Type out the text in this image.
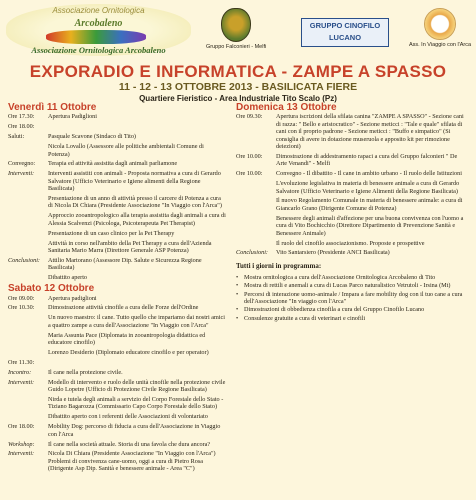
Associazione Ornitologica
Arcobaleno
Associazione Ornitologica Arcobaleno	Gruppo Falconieri - Melfi
GRUPPO CINOFILO
LUCANO
Ass. In Viaggio con l'Arca
EXPORADIO E INFORMATICA - ZAMPE A SPASSO
11 - 12 - 13 OTTOBRE 2013 - BASILICATA FIERE
Quartiere Fieristico - Area Industriale Tito Scalo (Pz)
Venerdì 11 Ottobre
Ore 17.30:	Apertura Padiglioni
Ore 18.00:
Saluti:	Pasquale Scavone (Sindaco di Tito)
Nicola Lovallo (Assessore alle politiche ambientali Comune di Potenza)
Convegno:	Terapia ed attività assistita dagli animali parliamone
Interventi:	Interventi assistiti con animali - Proposta normativa a cura di Gerardo Salvatore (Ufficio Veterinario e Igiene alimenti della Regione Basilicata)
Presentazione di un anno di attività presso il carcere di Potenza a cura di Nicola Di Chiara (Presidente Associazione "In Viaggio con l'Arca")
Approccio zooantropologico alla terapia assistita dagli animali a cura di Alessia Scalvenzi (Psicologa, Psicoterapeuta Pet Therapist)
Presentazione di un caso clinico per la Pet Therapy
Attività in corso nell'ambito della Pet Therapy a cura dell'Azienda Sanitaria Mario Marra (Direttore Generale ASP Potenza)
Conclusioni:	Attilio Martorano (Assessore Dip. Salute e Sicurezza Regione Basilicata)
Dibattito aperto
Sabato 12 Ottobre
Ore 09.00:	Apertura padiglioni
Ore 10.30:	Dimostrazione attività cinofile a cura delle Forze dell'Ordine
Un nuovo maestro: il cane. Tutto quello che impariamo dai nostri amici a quattro zampe a cura dell'Associazione "In Viaggio con l'Arca"
Maria Assunta Pace (Diplomata in zooantropologia didattica ed educatore cinofilo)
Lorenzo Desiderio (Diplomato educatore cinofilo e per operator)
Ore 11.30:
Incontro:	Il cane nella protezione civile.
Interventi:	Modello di intervento e ruolo delle unità cinofile nella protezione civile Guido Lopetre (Ufficio di Protezione Civile Regione Basilicata)
Nirda e tutela degli animali a servizio del Corpo Forestale dello Stato - Tiziano Bagarozza (Commissario Capo Corpo Forestale dello Stato)
Dibattito aperto con i referenti delle Associazioni di volontariato
Ore 18.00:	Mobility Dog: percorso di fiducia a cura dell'Associazione in Viaggio con l'Arca
Workshop:	Il cane nella società attuale. Storia di una favola che dura ancora?
Interventi:	Nicola Di Chiara (Presidente Associazione "In Viaggio con l'Arca") Problemi di convivenza cane-uomo, oggi a cura di Pietro Rosa (Dirigente Asp Dip. Sanità e benessere animale - Area "C")
Domenica 13 Ottobre
Ore 09.30:	Apertura iscrizioni della sfilata canina "ZAMPE A SPASSO" - Sezione cani di razza: " Bello e aristocratico" - Sezione meticci : "Tale e quale" sfilata di cani con il proprio padrone - Sezione meticci : "Buffo e simpatico" (Si consiglia di avere in dotazione museruola e apposito kit per rimozione deiezioni)
Ore 10.00:	Dimostrazione di addestramento rapaci a cura del Gruppo falconieri " De Arte Venandi" - Melfi
Ore 10.00:	Convegno - Il dibattito - Il cane in ambito urbano - Il ruolo delle Istituzioni
L'evoluzione legislativa in materia di benessere animale a cura di Gerardo Salvatore (Ufficio Veterinario e Igiene Alimenti della Regione Basilicata)
Il nuovo Regolamento Comunale in materia di benessere animale: a cura di Giancarlo Grano (Dirigente Comune di Potenza)
Benessere degli animali d'affezione per una buona convivenza con l'uomo a cura di Vito Bochicchio (Direttore Dipartimento di Prevenzione Sanità e Benessere Animale)
Il ruolo del cinofilo associazionismo. Proposte e prospettive
Conclusioni:	Vito Santarsiero (Presidente ANCI Basilicata)
Tutti i giorni in programma:
• Mostra ornitologica a cura dell'Associazione Ornitologica Arcobaleno di Tito
• Mostra di rettili e anemali a cura di Lucas Parco naturalistico Vetrutoli - Irsina (Mt)
• Percorsi di interazione uomo-animale / Impara a fare mobility dog con il tuo cane a cura dell'Associazione "In viaggio con l'Arca"
• Dimostrazioni di obbedienza cinofila a cura del Gruppo Cinofilo Lucano
• Consulenze gratuite a cura di veterinari e cinofili
